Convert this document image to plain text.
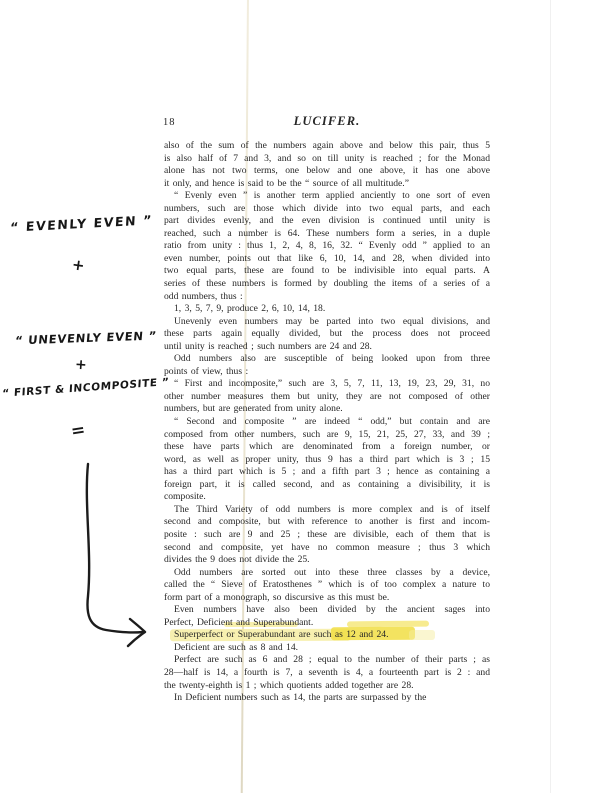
18	LUCIFER.
also of the sum of the numbers again above and below this pair, thus 5
is also half of 7 and 3, and so on till unity is reached ; for the Monad
alone has not two terms, one below and one above, it has one above
it only, and hence is said to be the “ source of all multitude.”
“ Evenly even ” is another term applied anciently to one sort of even
numbers, such are those which divide into two equal parts, and each
part divides evenly, and the even division is continued until unity is
reached, such a number is 64. These numbers form a series, in a duple
ratio from unity : thus 1, 2, 4, 8, 16, 32. “ Evenly odd ” applied to an
even number, points out that like 6, 10, 14, and 28, when divided into
two equal parts, these are found to be indivisible into equal parts. A
series of these numbers is formed by doubling the items of a series of a
odd numbers, thus :
1, 3, 5, 7, 9, produce 2, 6, 10, 14, 18.
Unevenly even numbers may be parted into two equal divisions, and
these parts again equally divided, but the process does not proceed
until unity is reached ; such numbers are 24 and 28.
Odd numbers also are susceptible of being looked upon from three
points of view, thus :
“ First and incomposite,” such are 3, 5, 7, 11, 13, 19, 23, 29, 31, no
other number measures them but unity, they are not composed of other
numbers, but are generated from unity alone.
“ Second and composite ” are indeed “ odd,” but contain and are
composed from other numbers, such are 9, 15, 21, 25, 27, 33, and 39 ;
these have parts which are denominated from a foreign number, or
word, as well as proper unity, thus 9 has a third part which is 3 ; 15
has a third part which is 5 ; and a fifth part 3 ; hence as containing a
foreign part, it is called second, and as containing a divisibility, it is
composite.
The Third Variety of odd numbers is more complex and is of itself
second and composite, but with reference to another is first and incom-
posite : such are 9 and 25 ; these are divisible, each of them that is
second and composite, yet have no common measure ; thus 3 which
divides the 9 does not divide the 25.
Odd numbers are sorted out into these three classes by a device,
called the “ Sieve of Eratosthenes ” which is of too complex a nature to
form part of a monograph, so discursive as this must be.
Even numbers have also been divided by the ancient sages into
Perfect, Deficient and Superabundant.
Superperfect or Superabundant are such as 12 and 24.
Deficient are such as 8 and 14.
Perfect are such as 6 and 28 ; equal to the number of their parts ; as
28—half is 14, a fourth is 7, a seventh is 4, a fourteenth part is 2 : and
the twenty-eighth is 1 ; which quotients added together are 28.
In Deficient numbers such as 14, the parts are surpassed by the
“ EVENLY EVEN ”
+
“ UNEVENLY EVEN ”
+
“ FIRST & INCOMPOSITE ”
=
